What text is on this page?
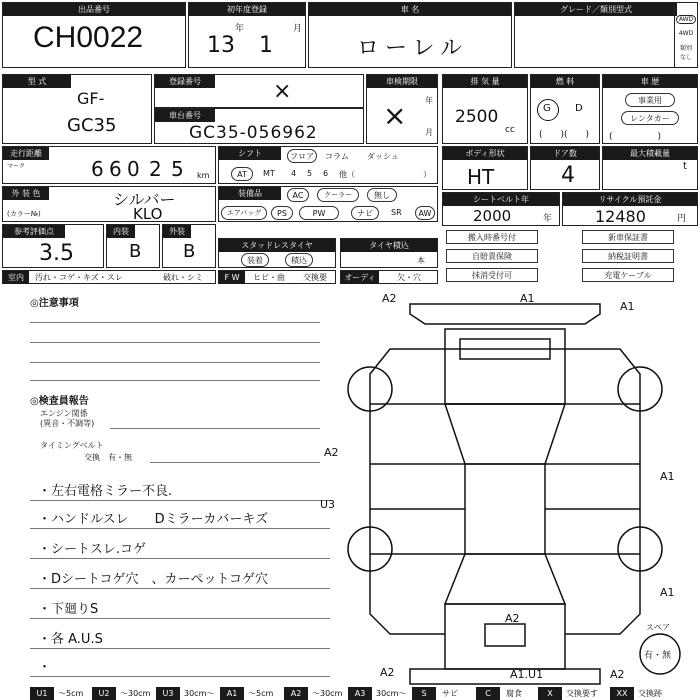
出品番号
CH0022
初年度登録
13
年
1
月
車 名
ローレル
グレード／類別型式
AWD
4WD
類別
なし
型 式
GF-
GC35
登録番号	×
車台番号
GC35-056962
車検期限
年
月
×
排 気 量
2500
cc
燃 料
G D
(　　)(　　)
車 歴
事業用
レンタカー
(　　　　　)
走行距離
マーク	6 6 0 2 5 km
シフト	フロア	コラム ダッシュ
AT	MT 4 5 6 他（	）
ボディ形状
HT
ドア数
4
最大積載量
t
外 装 色	シルバー
(カラー№)	KLO
装備品	AC	クーラー	無し
エアバッグ	PS	PW	ナビ	SR	AW
シートベルト年
2000	年
リサイクル預託金
12480	円
参考評価点
3.5
内装
B
外装
B	スタッドレスタイヤ
装着	積込
タイヤ積込
本
搬入時番号付	新車保証書
自賠責保険	納税証明書
抹消受付可	充電ケーブル
室内	汚れ・コゲ・キズ・スレ	破れ・シミ	F W	ヒビ・曲 交換要	オーディオ
欠・穴
◎注意事項
◎検査員報告
エンジン関係
(異音・不調等)
タイミングベルト
交換　有・無
・左右電格ミラー不良.
・ハンドルスレ　　Dミラーカバーキズ
・シートスレ.コゲ
・Dシートコゲ穴　、カーペットコゲ穴
・下廻りS
・各 A.U.S
・
A2	A1
A1
A2
A1
U3
A2
A2	A1.U1	A2
A1
スペア
有・無
U1	～5cm	U2	～30cm	U3	30cm～	A1	～5cm	A2	～30cm	A3	30cm～	S	サビ	C	腐食	X	交換要す	XX	交換跡
